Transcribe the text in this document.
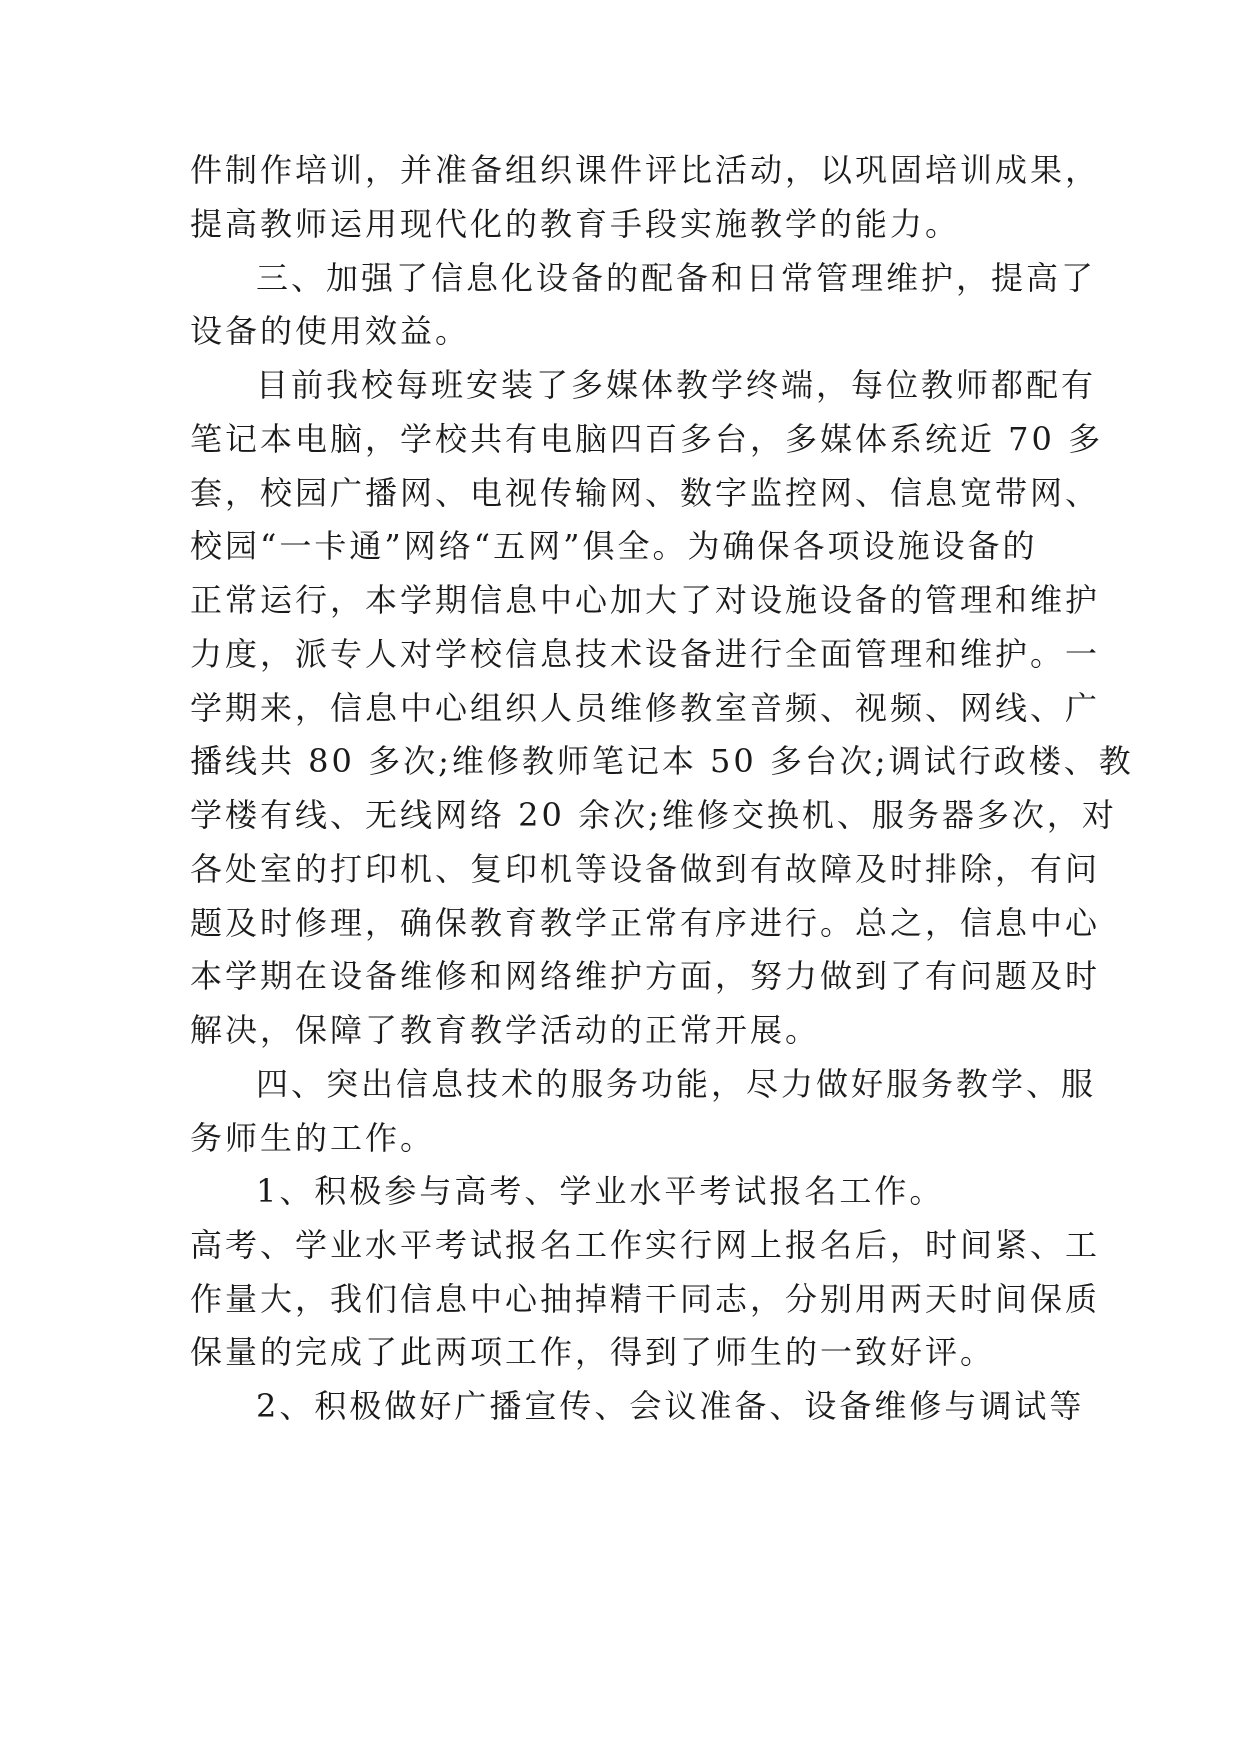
件制作培训，并准备组织课件评比活动，以巩固培训成果，
提高教师运用现代化的教育手段实施教学的能力。
三、加强了信息化设备的配备和日常管理维护，提高了
设备的使用效益。
目前我校每班安装了多媒体教学终端，每位教师都配有
笔记本电脑，学校共有电脑四百多台，多媒体系统近 70 多
套，校园广播网、电视传输网、数字监控网、信息宽带网、
校园“一卡通”网络“五网”俱全。为确保各项设施设备的
正常运行，本学期信息中心加大了对设施设备的管理和维护
力度，派专人对学校信息技术设备进行全面管理和维护。一
学期来，信息中心组织人员维修教室音频、视频、网线、广
播线共 80 多次;维修教师笔记本 50 多台次;调试行政楼、教
学楼有线、无线网络 20 余次;维修交换机、服务器多次，对
各处室的打印机、复印机等设备做到有故障及时排除，有问
题及时修理，确保教育教学正常有序进行。总之，信息中心
本学期在设备维修和网络维护方面，努力做到了有问题及时
解决，保障了教育教学活动的正常开展。
四、突出信息技术的服务功能，尽力做好服务教学、服
务师生的工作。
1、积极参与高考、学业水平考试报名工作。
高考、学业水平考试报名工作实行网上报名后，时间紧、工
作量大，我们信息中心抽掉精干同志，分别用两天时间保质
保量的完成了此两项工作，得到了师生的一致好评。
2、积极做好广播宣传、会议准备、设备维修与调试等
